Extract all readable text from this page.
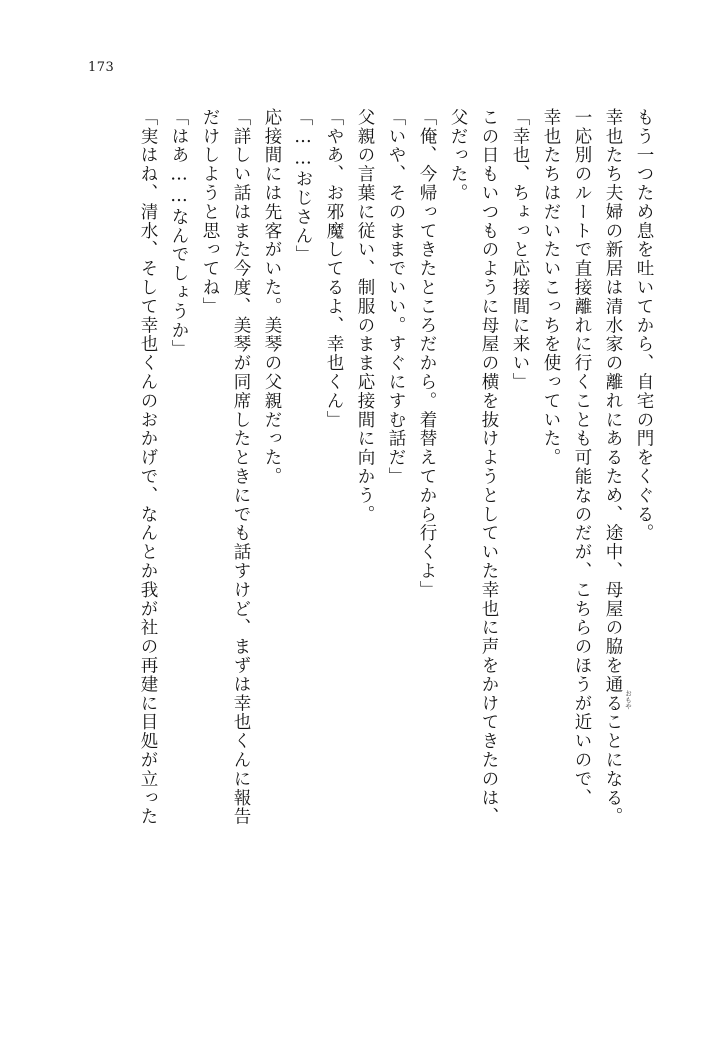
173
もう一つため息を吐いてから、自宅の門をくぐる。
幸也たち夫婦の新居は清水家の離れにあるため、途中、母屋の脇を通ることになる。
一応別のルートで直接離れに行くことも可能なのだが、こちらのほうが近いので、
幸也たちはだいたいこっちを使っていた。
「幸也、ちょっと応接間に来い」
この日もいつものように母屋の横を抜けようとしていた幸也に声をかけてきたのは、
父だった。
「俺、今帰ってきたところだから。着替えてから行くよ」
「いや、そのままでいい。すぐにすむ話だ」
父親の言葉に従い、制服のまま応接間に向かう。
「やあ、お邪魔してるよ、幸也くん」
「……おじさん」
応接間には先客がいた。美琴の父親だった。
「詳しい話はまた今度、美琴が同席したときにでも話すけど、まずは幸也くんに報告
だけしようと思ってね」
「はあ……なんでしょうか」
「実はね、清水、そして幸也くんのおかげで、なんとか我が社の再建に目処が立った	おもや
